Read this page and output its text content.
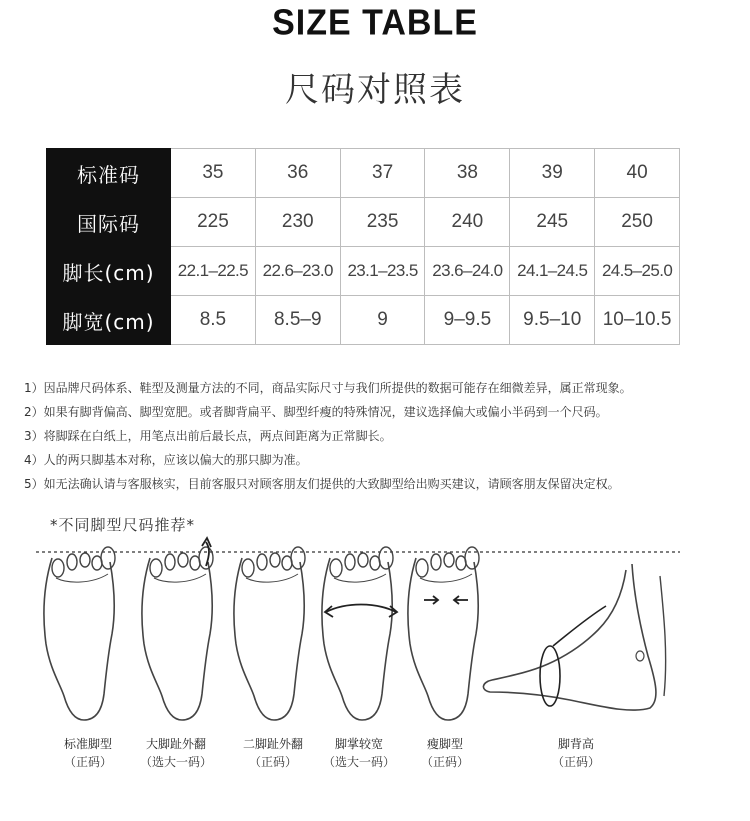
SIZE TABLE
尺码对照表
标准码	35	36	37	38	39	40
国际码	225	230	235	240	245	250
脚长(cm)	22.1–22.5	22.6–23.0	23.1–23.5	23.6–24.0	24.1–24.5	24.5–25.0
脚宽(cm)	8.5	8.5–9	9	9–9.5	9.5–10	10–10.5
1）因品牌尺码体系、鞋型及测量方法的不同，商品实际尺寸与我们所提供的数据可能存在细微差异，属正常现象。
2）如果有脚背偏高、脚型宽肥。或者脚背扁平、脚型纤瘦的特殊情况，建议选择偏大或偏小半码到一个尺码。
3）将脚踩在白纸上，用笔点出前后最长点，两点间距离为正常脚长。
4）人的两只脚基本对称，应该以偏大的那只脚为准。
5）如无法确认请与客服核实，目前客服只对顾客朋友们提供的大致脚型给出购买建议，请顾客朋友保留决定权。
*不同脚型尺码推荐*
标准脚型
（正码）
大脚趾外翻
（选大一码）
二脚趾外翻
（正码）
脚掌较宽
（选大一码）
瘦脚型
（正码）
脚背高
（正码）
